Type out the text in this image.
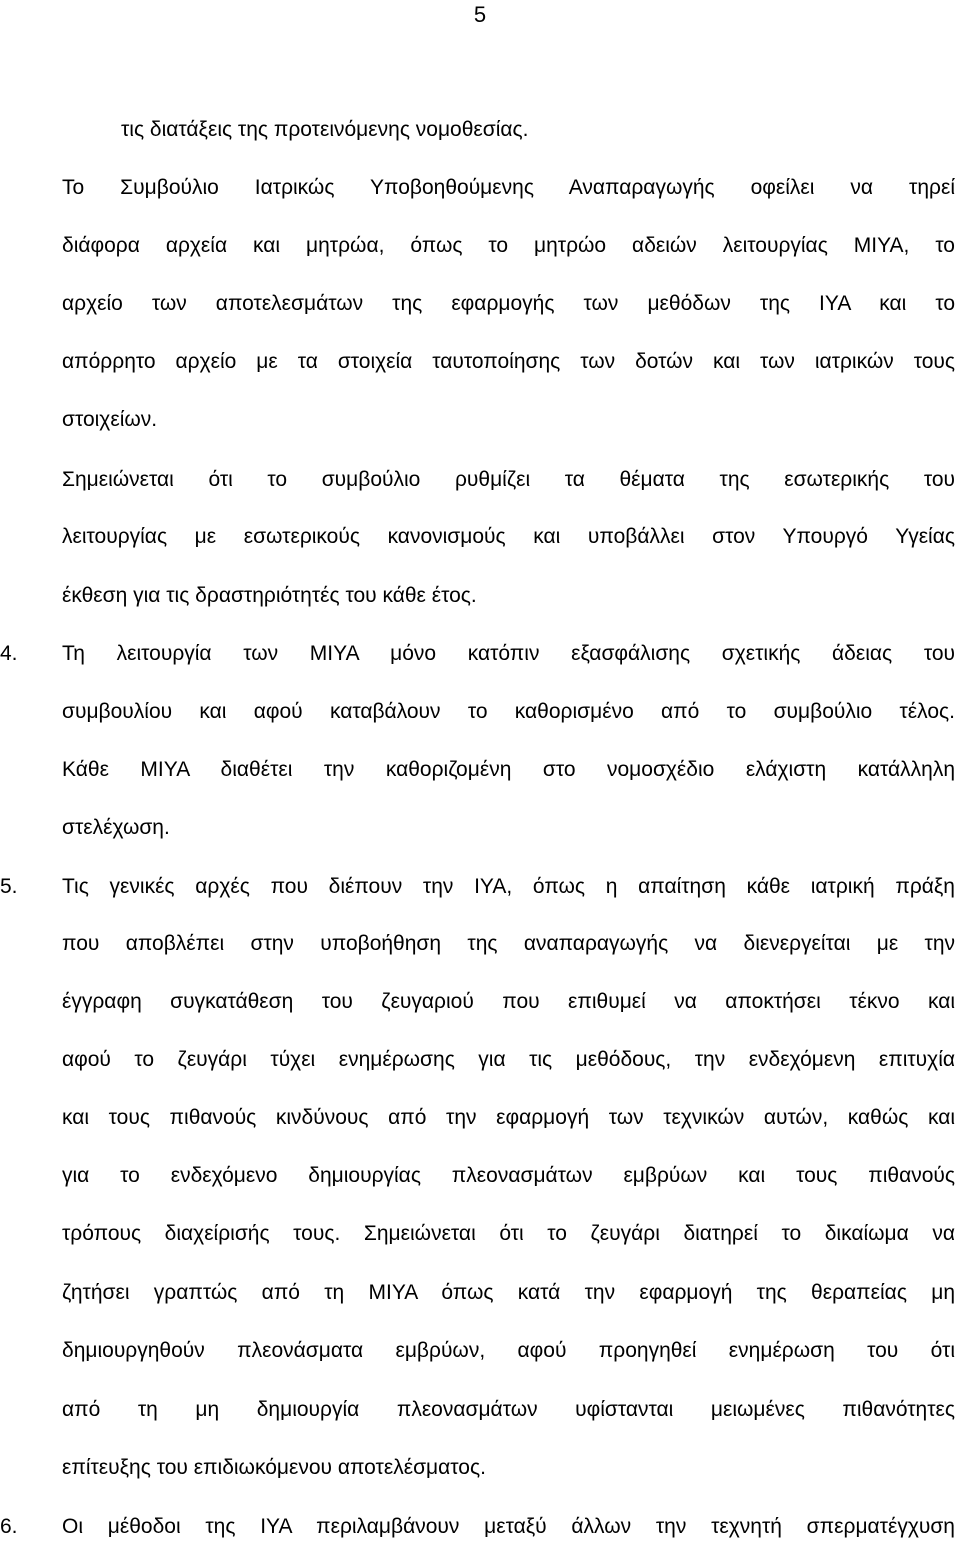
5
τις διατάξεις της προτεινόμενης νομοθεσίας.
Το Συμβούλιο Ιατρικώς Υποβοηθούμενης Αναπαραγωγής οφείλει να τηρεί
διάφορα αρχεία και μητρώα, όπως το μητρώο αδειών λειτουργίας ΜΙΥΑ, το
αρχείο των αποτελεσμάτων της εφαρμογής των μεθόδων της ΙΥΑ και το
απόρρητο αρχείο με τα στοιχεία ταυτοποίησης των δοτών και των ιατρικών τους
στοιχείων.
Σημειώνεται ότι το συμβούλιο ρυθμίζει τα θέματα της εσωτερικής του
λειτουργίας με εσωτερικούς κανονισμούς και υποβάλλει στον Υπουργό Υγείας
έκθεση για τις δραστηριότητές του κάθε έτος.
4. Τη λειτουργία των ΜΙΥΑ μόνο κατόπιν εξασφάλισης σχετικής άδειας του
συμβουλίου και αφού καταβάλουν το καθορισμένο από το συμβούλιο τέλος.
Κάθε ΜΙΥΑ διαθέτει την καθοριζομένη στο νομοσχέδιο ελάχιστη κατάλληλη
στελέχωση.
5. Τις γενικές αρχές που διέπουν την ΙΥΑ, όπως η απαίτηση κάθε ιατρική πράξη
που αποβλέπει στην υποβοήθηση της αναπαραγωγής να διενεργείται με την
έγγραφη συγκατάθεση του ζευγαριού που επιθυμεί να αποκτήσει τέκνο και
αφού το ζευγάρι τύχει ενημέρωσης για τις μεθόδους, την ενδεχόμενη επιτυχία
και τους πιθανούς κινδύνους από την εφαρμογή των τεχνικών αυτών, καθώς και
για το ενδεχόμενο δημιουργίας πλεονασμάτων εμβρύων και τους πιθανούς
τρόπους διαχείρισής τους. Σημειώνεται ότι το ζευγάρι διατηρεί το δικαίωμα να
ζητήσει γραπτώς από τη ΜΙΥΑ όπως κατά την εφαρμογή της θεραπείας μη
δημιουργηθούν πλεονάσματα εμβρύων, αφού προηγηθεί ενημέρωση του ότι
από τη μη δημιουργία πλεονασμάτων υφίστανται μειωμένες πιθανότητες
επίτευξης του επιδιωκόμενου αποτελέσματος.
6. Οι μέθοδοι της ΙΥΑ περιλαμβάνουν μεταξύ άλλων την τεχνητή σπερματέγχυση
